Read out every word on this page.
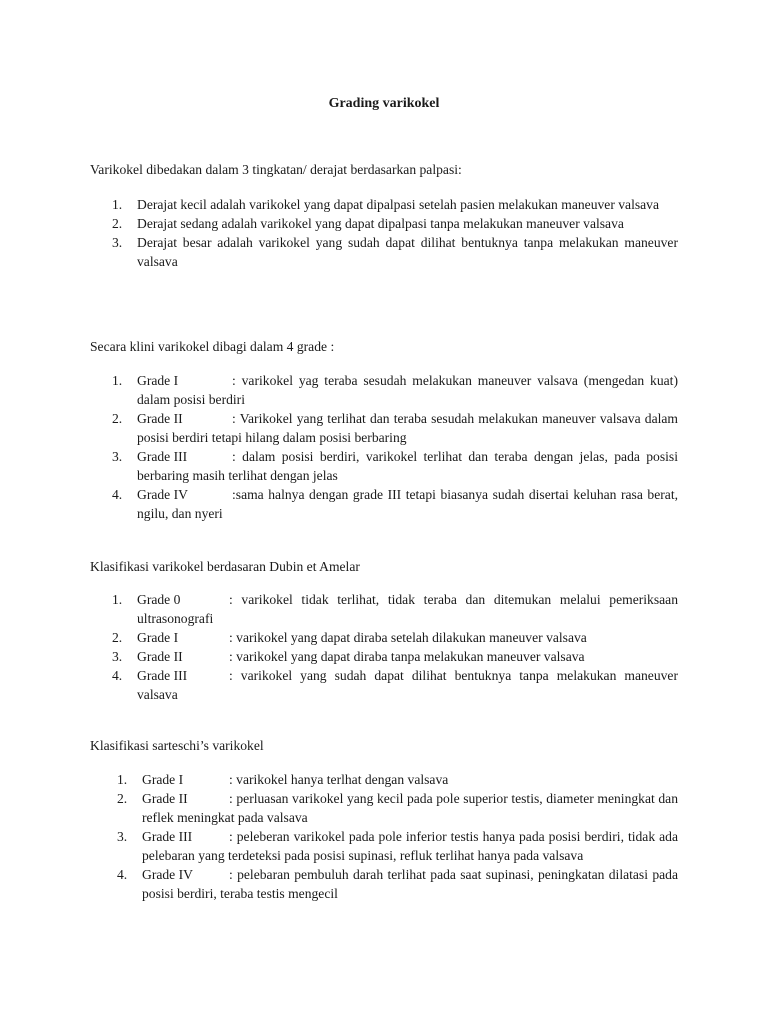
Grading varikokel
Varikokel dibedakan dalam 3 tingkatan/ derajat berdasarkan palpasi:
1. Derajat kecil adalah varikokel yang dapat dipalpasi setelah pasien melakukan maneuver valsava
2. Derajat sedang adalah varikokel yang dapat dipalpasi tanpa melakukan maneuver valsava
3. Derajat besar adalah varikokel yang sudah dapat dilihat bentuknya tanpa melakukan maneuver valsava
Secara klini varikokel dibagi dalam 4 grade :
1. Grade I	: varikokel yag teraba sesudah melakukan maneuver valsava (mengedan kuat) dalam posisi berdiri
2. Grade II	: Varikokel yang terlihat dan teraba sesudah melakukan maneuver valsava dalam posisi berdiri tetapi hilang dalam posisi berbaring
3. Grade III	: dalam posisi berdiri, varikokel terlihat dan teraba dengan jelas, pada posisi berbaring masih terlihat dengan jelas
4. Grade IV	:sama halnya dengan grade III tetapi biasanya sudah disertai keluhan rasa berat, ngilu, dan nyeri
Klasifikasi varikokel berdasaran Dubin et Amelar
1. Grade 0	: varikokel tidak terlihat, tidak teraba dan ditemukan melalui pemeriksaan ultrasonografi
2. Grade I	: varikokel yang dapat diraba setelah dilakukan maneuver valsava
3. Grade II	: varikokel yang dapat diraba tanpa melakukan maneuver valsava
4. Grade III	: varikokel yang sudah dapat dilihat bentuknya tanpa melakukan maneuver valsava
Klasifikasi sarteschi’s varikokel
1. Grade I	: varikokel hanya terlhat dengan valsava
2. Grade II	: perluasan varikokel yang kecil pada pole superior testis, diameter meningkat dan reflek meningkat pada valsava
3. Grade III	: peleberan varikokel pada pole inferior testis hanya pada posisi berdiri, tidak ada pelebaran yang terdeteksi pada posisi supinasi, refluk terlihat hanya pada valsava
4. Grade IV	: pelebaran pembuluh darah terlihat pada saat supinasi, peningkatan dilatasi pada posisi berdiri, teraba testis mengecil
